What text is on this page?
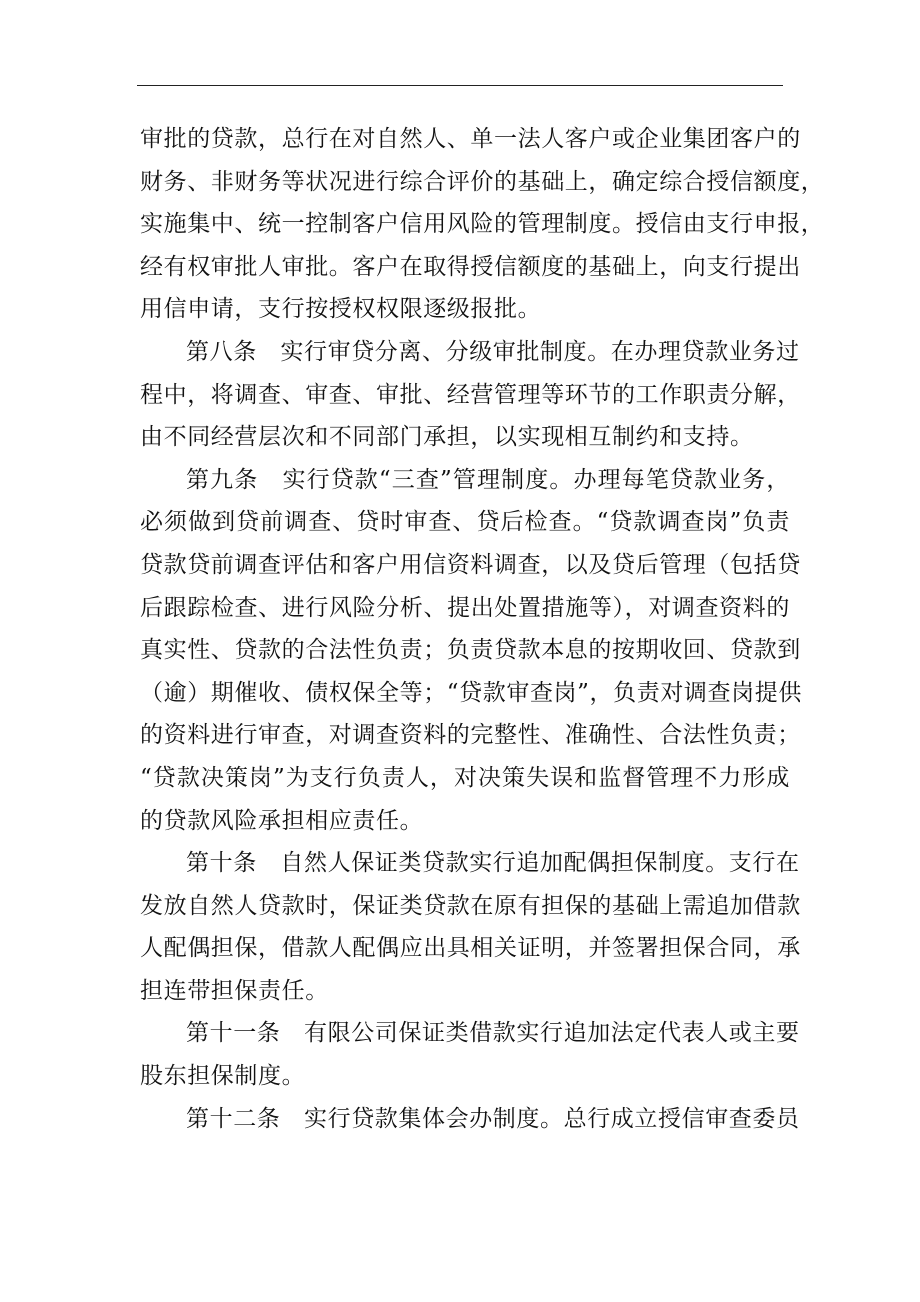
审批的贷款，总行在对自然人、单一法人客户或企业集团客户的
财务、非财务等状况进行综合评价的基础上，确定综合授信额度，
实施集中、统一控制客户信用风险的管理制度。授信由支行申报，
经有权审批人审批。客户在取得授信额度的基础上，向支行提出
用信申请，支行按授权权限逐级报批。
第八条　实行审贷分离、分级审批制度。在办理贷款业务过
程中，将调查、审查、审批、经营管理等环节的工作职责分解，
由不同经营层次和不同部门承担，以实现相互制约和支持。
第九条　实行贷款“三查”管理制度。办理每笔贷款业务，
必须做到贷前调查、贷时审查、贷后检查。“贷款调查岗”负责
贷款贷前调查评估和客户用信资料调查，以及贷后管理（包括贷
后跟踪检查、进行风险分析、提出处置措施等），对调查资料的
真实性、贷款的合法性负责；负责贷款本息的按期收回、贷款到
（逾）期催收、债权保全等；“贷款审查岗”，负责对调查岗提供
的资料进行审查，对调查资料的完整性、准确性、合法性负责；
“贷款决策岗”为支行负责人，对决策失误和监督管理不力形成
的贷款风险承担相应责任。
第十条　自然人保证类贷款实行追加配偶担保制度。支行在
发放自然人贷款时，保证类贷款在原有担保的基础上需追加借款
人配偶担保，借款人配偶应出具相关证明，并签署担保合同，承
担连带担保责任。
第十一条　有限公司保证类借款实行追加法定代表人或主要
股东担保制度。
第十二条　实行贷款集体会办制度。总行成立授信审查委员
